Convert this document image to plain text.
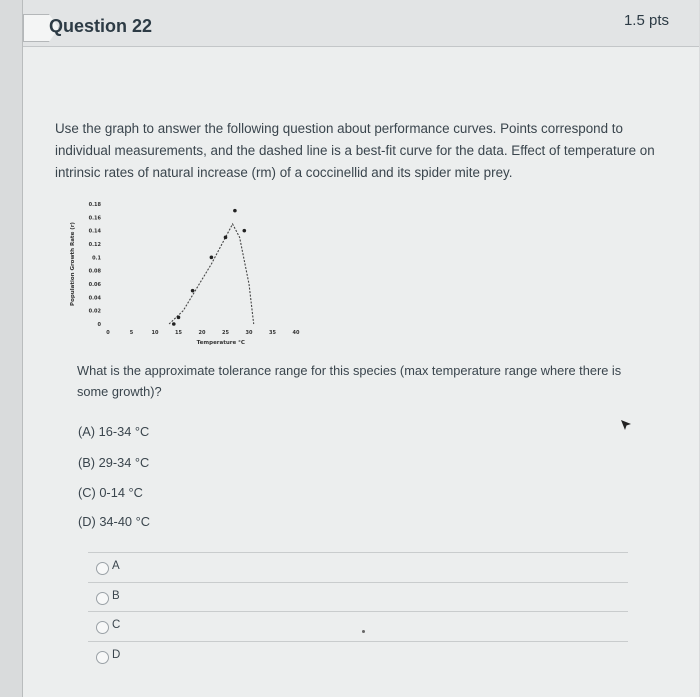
Question 22	1.5 pts
Use the graph to answer the following question about performance curves. Points correspond to individual measurements, and the dashed line is a best-fit curve for the data. Effect of temperature on intrinsic rates of natural increase (rm) of a coccinellid and its spider mite prey.
0
0.02
0.04
0.06
0.08
0.1
0.12
0.14
0.16
0.18
0	5	10	15	20	25	30	35	40
Temperature °C
Population Growth Rate (r)
What is the approximate tolerance range for this species (max temperature range where there is some growth)?
(A) 16-34 °C
(B) 29-34 °C
(C) 0-14 °C
(D) 34-40 °C
A
B
C
D
